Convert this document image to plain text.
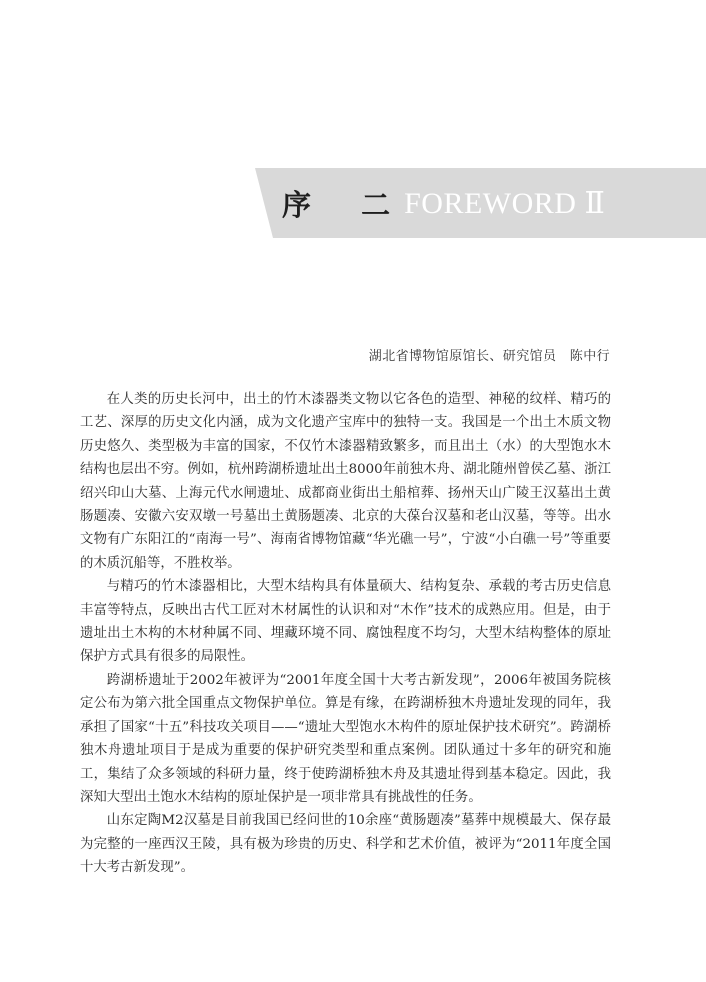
序 二 FOREWORD Ⅱ
湖北省博物馆原馆长、研究馆员　陈中行

在人类的历史长河中，出土的竹木漆器类文物以它各色的造型、神秘的纹样、精巧的工艺、深厚的历史文化内涵，成为文化遗产宝库中的独特一支。我国是一个出土木质文物历史悠久、类型极为丰富的国家，不仅竹木漆器精致繁多，而且出土（水）的大型饱水木结构也层出不穷。例如，杭州跨湖桥遗址出土8000年前独木舟、湖北随州曾侯乙墓、浙江绍兴印山大墓、上海元代水闸遗址、成都商业街出土船棺葬、扬州天山广陵王汉墓出土黄肠题凑、安徽六安双墩一号墓出土黄肠题凑、北京的大葆台汉墓和老山汉墓，等等。出水文物有广东阳江的“南海一号”、海南省博物馆藏“华光礁一号”，宁波“小白礁一号”等重要的木质沉船等，不胜枚举。

与精巧的竹木漆器相比，大型木结构具有体量硕大、结构复杂、承载的考古历史信息丰富等特点，反映出古代工匠对木材属性的认识和对“木作”技术的成熟应用。但是，由于遗址出土木构的木材种属不同、埋藏环境不同、腐蚀程度不均匀，大型木结构整体的原址保护方式具有很多的局限性。

跨湖桥遗址于2002年被评为“2001年度全国十大考古新发现”，2006年被国务院核定公布为第六批全国重点文物保护单位。算是有缘，在跨湖桥独木舟遗址发现的同年，我承担了国家“十五”科技攻关项目——“遗址大型饱水木构件的原址保护技术研究”。跨湖桥独木舟遗址项目于是成为重要的保护研究类型和重点案例。团队通过十多年的研究和施工，集结了众多领域的科研力量，终于使跨湖桥独木舟及其遗址得到基本稳定。因此，我深知大型出土饱水木结构的原址保护是一项非常具有挑战性的任务。

山东定陶M2汉墓是目前我国已经问世的10余座“黄肠题凑”墓葬中规模最大、保存最为完整的一座西汉王陵，具有极为珍贵的历史、科学和艺术价值，被评为“2011年度全国十大考古新发现”。
